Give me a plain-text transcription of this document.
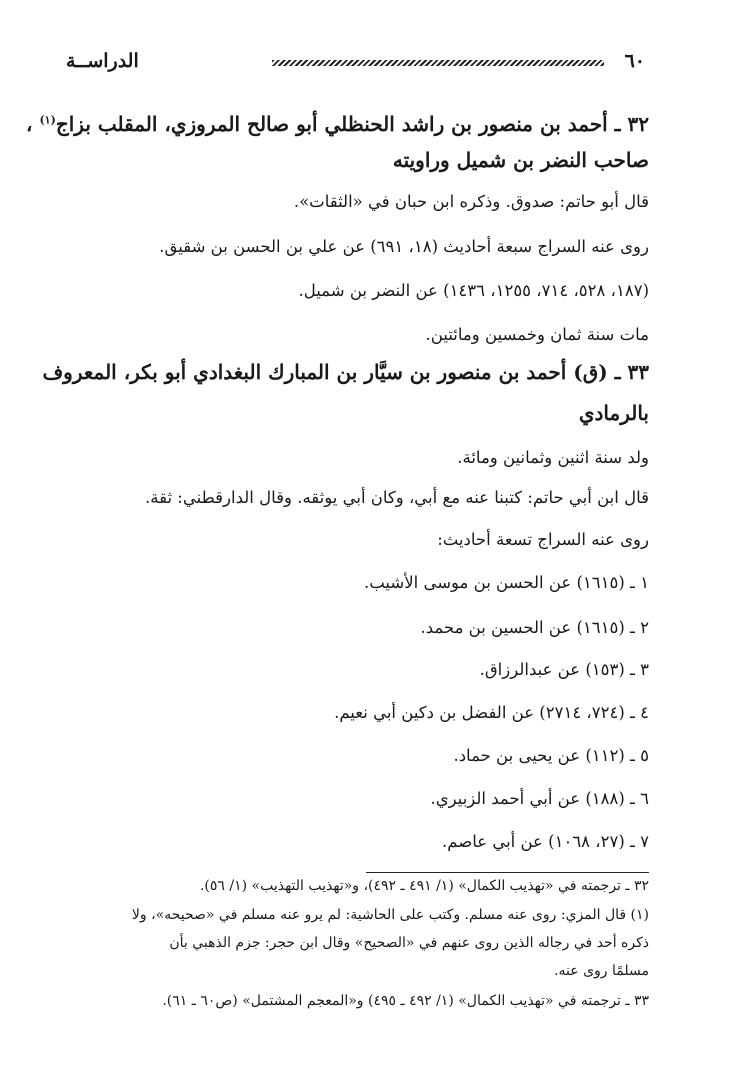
٦٠
الدراســة
٣٢ ـ أحمد بن منصور بن راشد الحنظلي أبو صالح المروزي، المقلب بزاج$^{(١)}$ ،
صاحب النضر بن شميل وراويته
قال أبو حاتم: صدوق. وذكره ابن حبان في «الثقات».
روى عنه السراج سبعة أحاديث (١٨، ٦٩١) عن علي بن الحسن بن شقيق.
(١٨٧، ٥٢٨، ٧١٤، ١٢٥٥، ١٤٣٦) عن النضر بن شميل.
مات سنة ثمان وخمسين ومائتين.
٣٣ ـ (ق) أحمد بن منصور بن سيَّار بن المبارك البغدادي أبو بكر، المعروف
بالرمادي
ولد سنة اثنين وثمانين ومائة.
قال ابن أبي حاتم: كتبنا عنه مع أبي، وكان أبي يوثقه. وقال الدارقطني: ثقة.
روى عنه السراج تسعة أحاديث:
١ ـ (١٦١٥) عن الحسن بن موسى الأشيب.
٢ ـ (١٦١٥) عن الحسين بن محمد.
٣ ـ (١٥٣) عن عبدالرزاق.
٤ ـ (٧٢٤، ٢٧١٤) عن الفضل بن دكين أبي نعيم.
٥ ـ (١١٢) عن يحيى بن حماد.
٦ ـ (١٨٨) عن أبي أحمد الزبيري.
٧ ـ (٢٧، ١٠٦٨) عن أبي عاصم.
٣٢ ـ ترجمته في «تهذيب الكمال» (١/ ٤٩١ ـ ٤٩٢)، و«تهذيب التهذيب» (١/ ٥٦).
(١) قال المزي: روى عنه مسلم. وكتب على الحاشية: لم يرو عنه مسلم في «صحيحه»، ولا
ذكره أحد في رجاله الذين روى عنهم في «الصحيح» وقال ابن حجر: جزم الذهبي بأن
مسلمًا روى عنه.
٣٣ ـ ترجمته في «تهذيب الكمال» (١/ ٤٩٢ ـ ٤٩٥) و«المعجم المشتمل» (ص٦٠ ـ ٦١).
